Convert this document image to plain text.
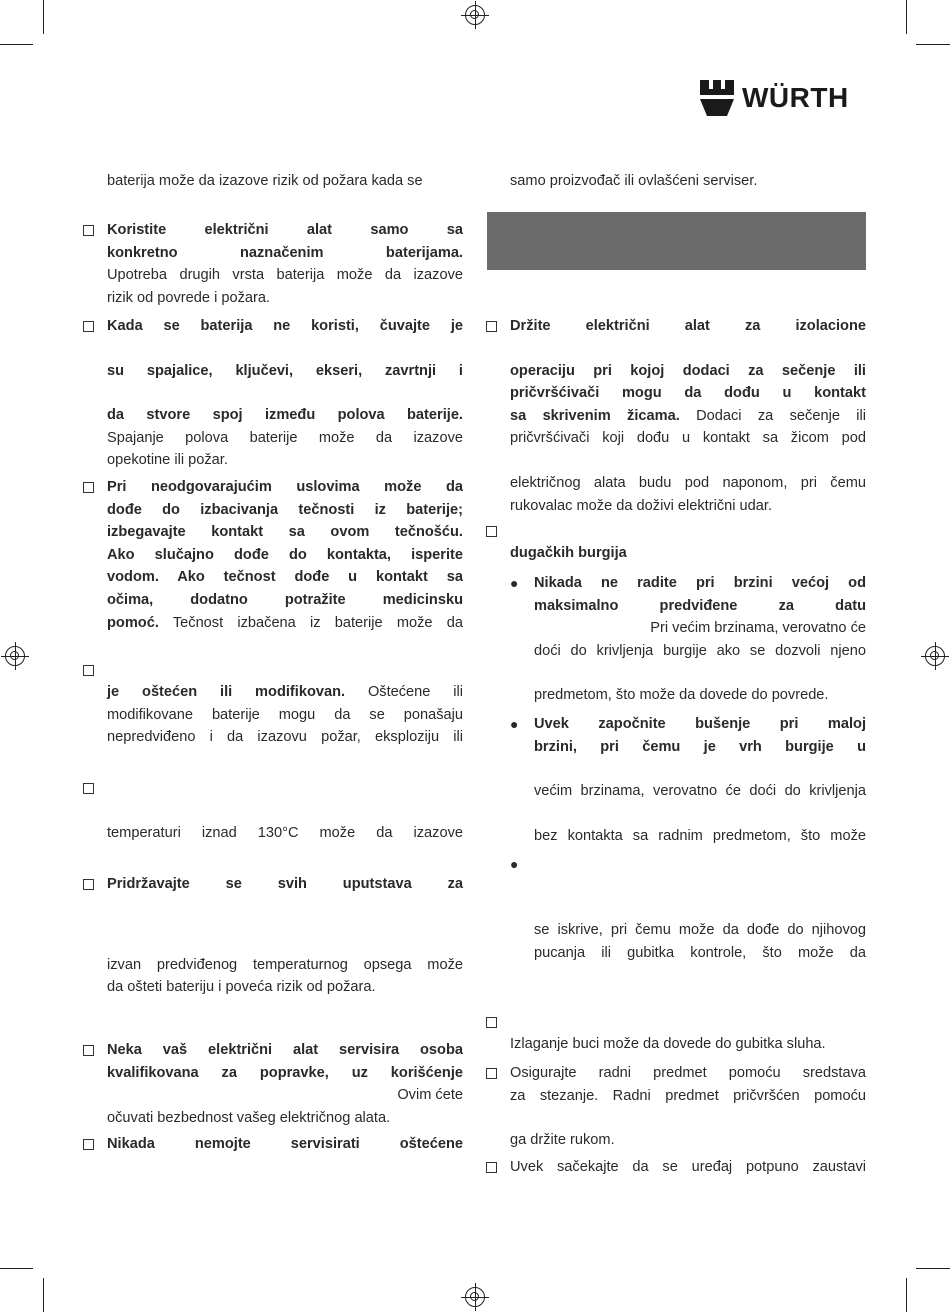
WÜRTH
baterija može da izazove rizik od požara kada se
Koristite električni alat samo sa
konkretno naznačenim baterijama.
Upotreba drugih vrsta baterija može da izazove
rizik od povrede i požara.
Kada se baterija ne koristi, čuvajte je
su spajalice, ključevi, ekseri, zavrtnji i
da stvore spoj između polova baterije.
Spajanje polova baterije može da izazove
opekotine ili požar.
Pri neodgovarajućim uslovima može da
dođe do izbacivanja tečnosti iz baterije;
izbegavajte kontakt sa ovom tečnošću.
Ako slučajno dođe do kontakta, isperite
vodom. Ako tečnost dođe u kontakt sa
očima, dodatno potražite medicinsku
pomoć. Tečnost izbačena iz baterije može da
je oštećen ili modifikovan. Oštećene ili
modifikovane baterije mogu da se ponašaju
nepredviđeno i da izazovu požar, eksploziju ili
temperaturi iznad 130°C može da izazove
Pridržavajte se svih uputstava za
izvan predviđenog temperaturnog opsega može
da ošteti bateriju i poveća rizik od požara.
Neka vaš električni alat servisira osoba
kvalifikovana za popravke, uz korišćenje
Ovim ćete
očuvati bezbednost vašeg električnog alata.
Nikada nemojte servisirati oštećene
samo proizvođač ili ovlašćeni serviser.
Držite električni alat za izolacione
operaciju pri kojoj dodaci za sečenje ili
pričvršćivači mogu da dođu u kontakt
sa skrivenim žicama. Dodaci za sečenje ili
pričvršćivači koji dođu u kontakt sa žicom pod
električnog alata budu pod naponom, pri čemu
rukovalac može da doživi električni udar.
dugačkih burgija
● Nikada ne radite pri brzini većoj od
maksimalno predviđene za datu
Pri većim brzinama, verovatno će
doći do krivljenja burgije ako se dozvoli njeno
predmetom, što može da dovede do povrede.
● Uvek započnite bušenje pri maloj
brzini, pri čemu je vrh burgije u
većim brzinama, verovatno će doći do krivljenja
bez kontakta sa radnim predmetom, što može
●
se iskrive, pri čemu može da dođe do njihovog
pucanja ili gubitka kontrole, što može da
Izlaganje buci može da dovede do gubitka sluha.
Osigurajte radni predmet pomoću sredstava
za stezanje. Radni predmet pričvršćen pomoću
ga držite rukom.
Uvek sačekajte da se uređaj potpuno zaustavi
